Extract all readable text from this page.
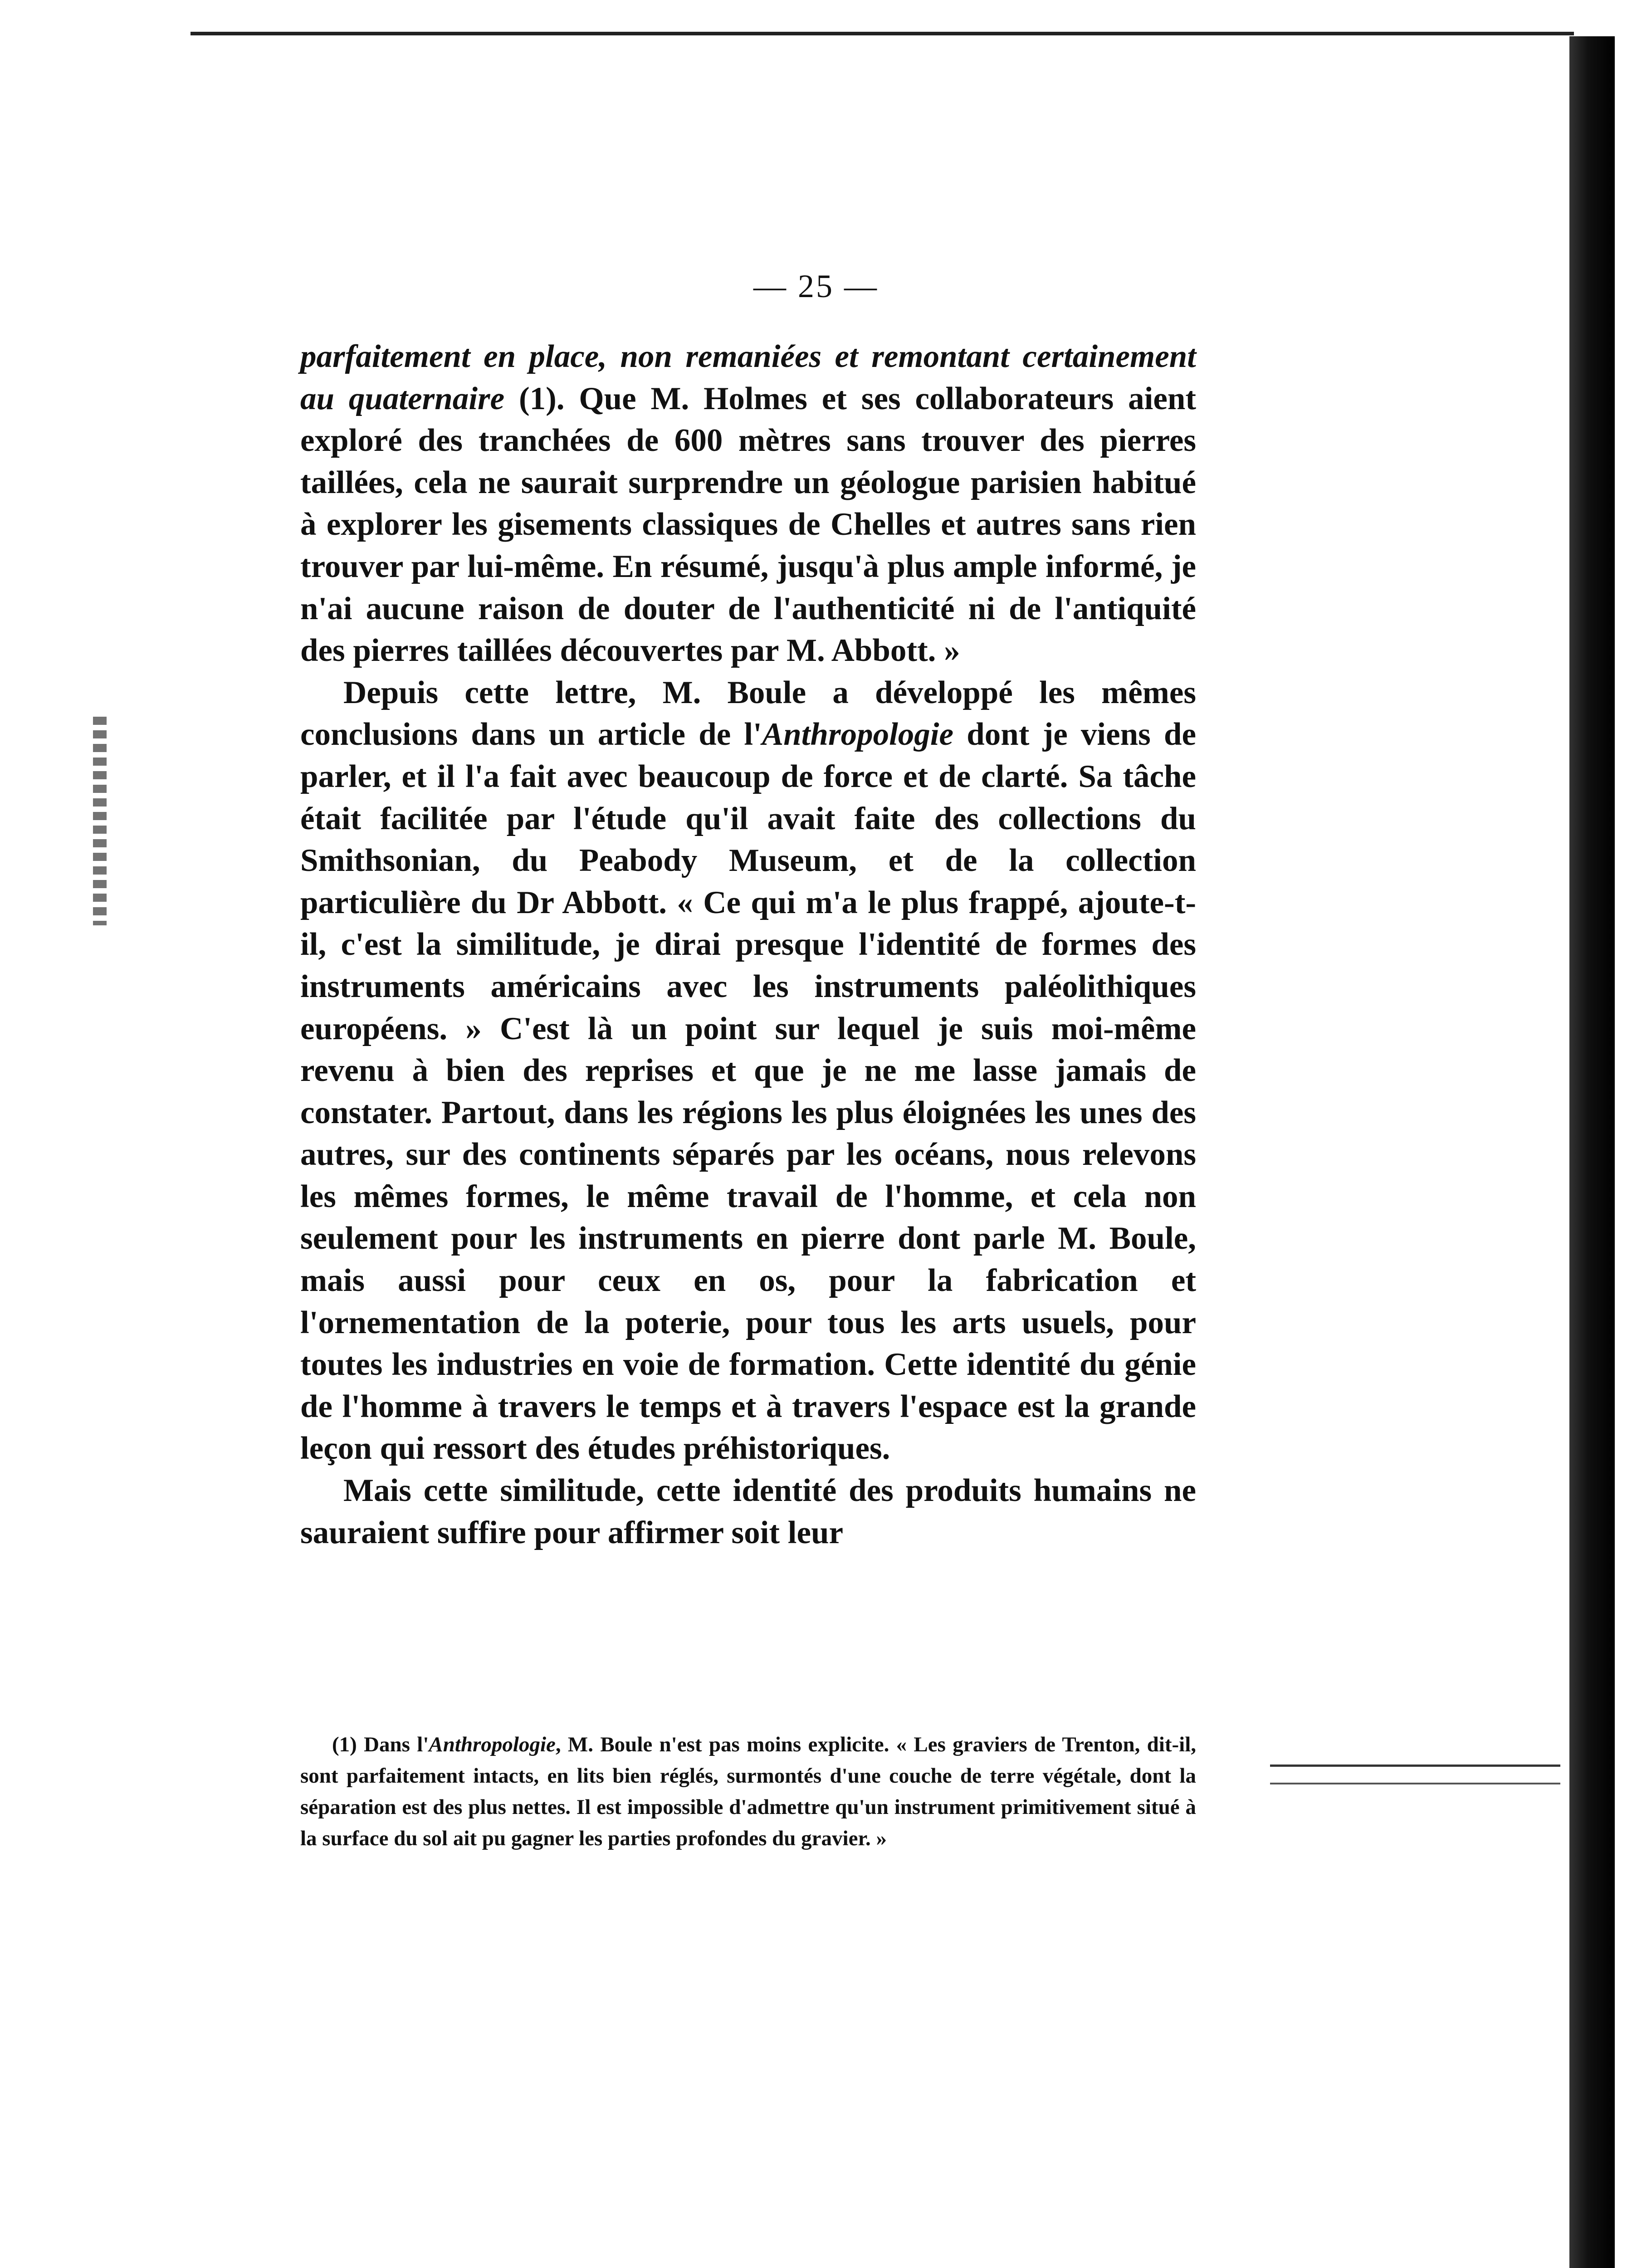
— 25 —

parfaitement en place, non remaniées et remontant certainement au quaternaire (1). Que M. Holmes et ses collaborateurs aient exploré des tranchées de 600 mètres sans trouver des pierres taillées, cela ne saurait surprendre un géologue parisien habitué à explorer les gisements classiques de Chelles et autres sans rien trouver par lui-même. En résumé, jusqu'à plus ample informé, je n'ai aucune raison de douter de l'authenticité ni de l'antiquité des pierres taillées découvertes par M. Abbott. »

Depuis cette lettre, M. Boule a développé les mêmes conclusions dans un article de l'Anthropologie dont je viens de parler, et il l'a fait avec beaucoup de force et de clarté. Sa tâche était facilitée par l'étude qu'il avait faite des collections du Smithsonian, du Peabody Museum, et de la collection particulière du Dr Abbott. « Ce qui m'a le plus frappé, ajoute-t-il, c'est la similitude, je dirai presque l'identité de formes des instruments américains avec les instruments paléolithiques européens. » C'est là un point sur lequel je suis moi-même revenu à bien des reprises et que je ne me lasse jamais de constater. Partout, dans les régions les plus éloignées les unes des autres, sur des continents séparés par les océans, nous relevons les mêmes formes, le même travail de l'homme, et cela non seulement pour les instruments en pierre dont parle M. Boule, mais aussi pour ceux en os, pour la fabrication et l'ornementation de la poterie, pour tous les arts usuels, pour toutes les industries en voie de formation. Cette identité du génie de l'homme à travers le temps et à travers l'espace est la grande leçon qui ressort des études préhistoriques.

Mais cette similitude, cette identité des produits humains ne sauraient suffire pour affirmer soit leur

(1) Dans l'Anthropologie, M. Boule n'est pas moins explicite. « Les graviers de Trenton, dit-il, sont parfaitement intacts, en lits bien réglés, surmontés d'une couche de terre végétale, dont la séparation est des plus nettes. Il est impossible d'admettre qu'un instrument primitivement situé à la surface du sol ait pu gagner les parties profondes du gravier. »
